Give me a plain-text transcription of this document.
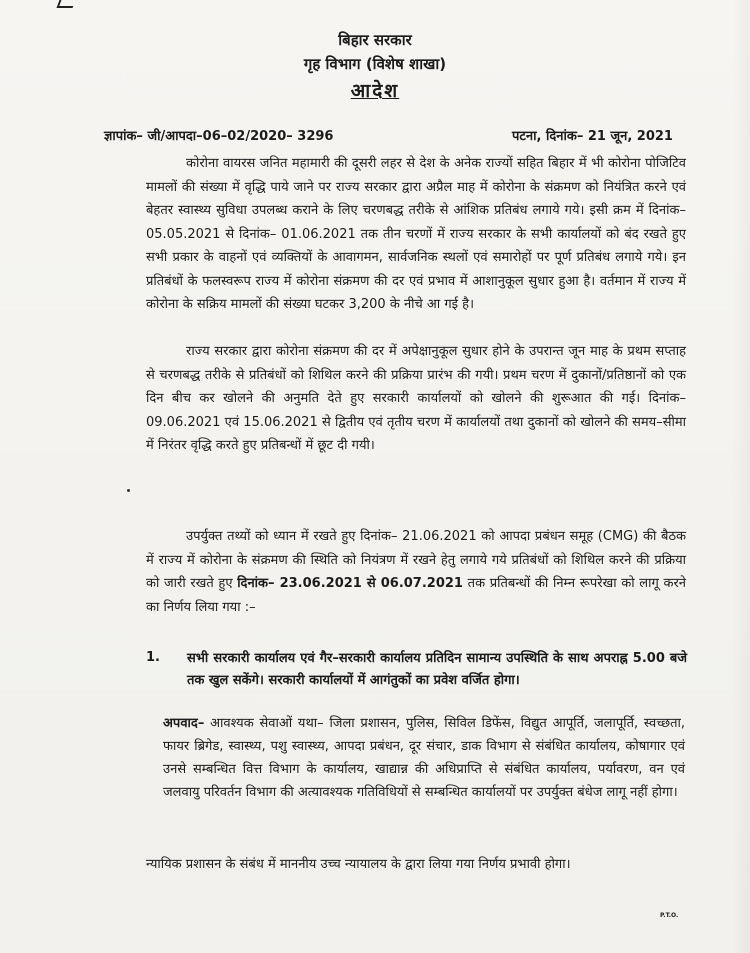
बिहार सरकार
गृह विभाग (विशेष शाखा)
आदेश
ज्ञापांक– जी/आपदा–06–02/2020– 3296	पटना, दिनांक– 21 जून, 2021
कोरोना वायरस जनित महामारी की दूसरी लहर से देश के अनेक राज्यों सहित बिहार में भी कोरोना पोजिटिव मामलों की संख्या में वृद्धि पाये जाने पर राज्य सरकार द्वारा अप्रैल माह में कोरोना के संक्रमण को नियंत्रित करने एवं बेहतर स्वास्थ्य सुविधा उपलब्ध कराने के लिए चरणबद्ध तरीके से आंशिक प्रतिबंध लगाये गये। इसी क्रम में दिनांक– 05.05.2021 से दिनांक– 01.06.2021 तक तीन चरणों में राज्य सरकार के सभी कार्यालयों को बंद रखते हुए सभी प्रकार के वाहनों एवं व्यक्तियों के आवागमन, सार्वजनिक स्थलों एवं समारोहों पर पूर्ण प्रतिबंध लगाये गये। इन प्रतिबंधों के फलस्वरूप राज्य में कोरोना संक्रमण की दर एवं प्रभाव में आशानुकूल सुधार हुआ है। वर्तमान में राज्य में कोरोना के सक्रिय मामलों की संख्या घटकर 3,200 के नीचे आ गई है।
राज्य सरकार द्वारा कोरोना संक्रमण की दर में अपेक्षानुकूल सुधार होने के उपरान्त जून माह के प्रथम सप्ताह से चरणबद्ध तरीके से प्रतिबंधों को शिथिल करने की प्रक्रिया प्रारंभ की गयी। प्रथम चरण में दुकानों/प्रतिष्ठानों को एक दिन बीच कर खोलने की अनुमति देते हुए सरकारी कार्यालयों को खोलने की शुरूआत की गई। दिनांक– 09.06.2021 एवं 15.06.2021 से द्वितीय एवं तृतीय चरण में कार्यालयों तथा दुकानों को खोलने की समय–सीमा में निरंतर वृद्धि करते हुए प्रतिबन्धों में छूट दी गयी।
उपर्युक्त तथ्यों को ध्यान में रखते हुए दिनांक– 21.06.2021 को आपदा प्रबंधन समूह (CMG) की बैठक में राज्य में कोरोना के संक्रमण की स्थिति को नियंत्रण में रखने हेतु लगाये गये प्रतिबंधों को शिथिल करने की प्रक्रिया को जारी रखते हुए दिनांक– 23.06.2021 से 06.07.2021 तक प्रतिबन्धों की निम्न रूपरेखा को लागू करने का निर्णय लिया गया :–
1. सभी सरकारी कार्यालय एवं गैर–सरकारी कार्यालय प्रतिदिन सामान्य उपस्थिति के साथ अपराह्न 5.00 बजे तक खुल सकेंगे। सरकारी कार्यालयों में आगंतुकों का प्रवेश वर्जित होगा।
अपवाद– आवश्यक सेवाओं यथा– जिला प्रशासन, पुलिस, सिविल डिफेंस, विद्युत आपूर्ति, जलापूर्ति, स्वच्छता, फायर ब्रिगेड, स्वास्थ्य, पशु स्वास्थ्य, आपदा प्रबंधन, दूर संचार, डाक विभाग से संबंधित कार्यालय, कोषागार एवं उनसे सम्बन्धित वित्त विभाग के कार्यालय, खाद्यान्न की अधिप्राप्ति से संबंधित कार्यालय, पर्यावरण, वन एवं जलवायु परिवर्तन विभाग की अत्यावश्यक गतिविधियों से सम्बन्धित कार्यालयों पर उपर्युक्त बंधेज लागू नहीं होगा।
न्यायिक प्रशासन के संबंध में माननीय उच्च न्यायालय के द्वारा लिया गया निर्णय प्रभावी होगा।
P.T.O.
